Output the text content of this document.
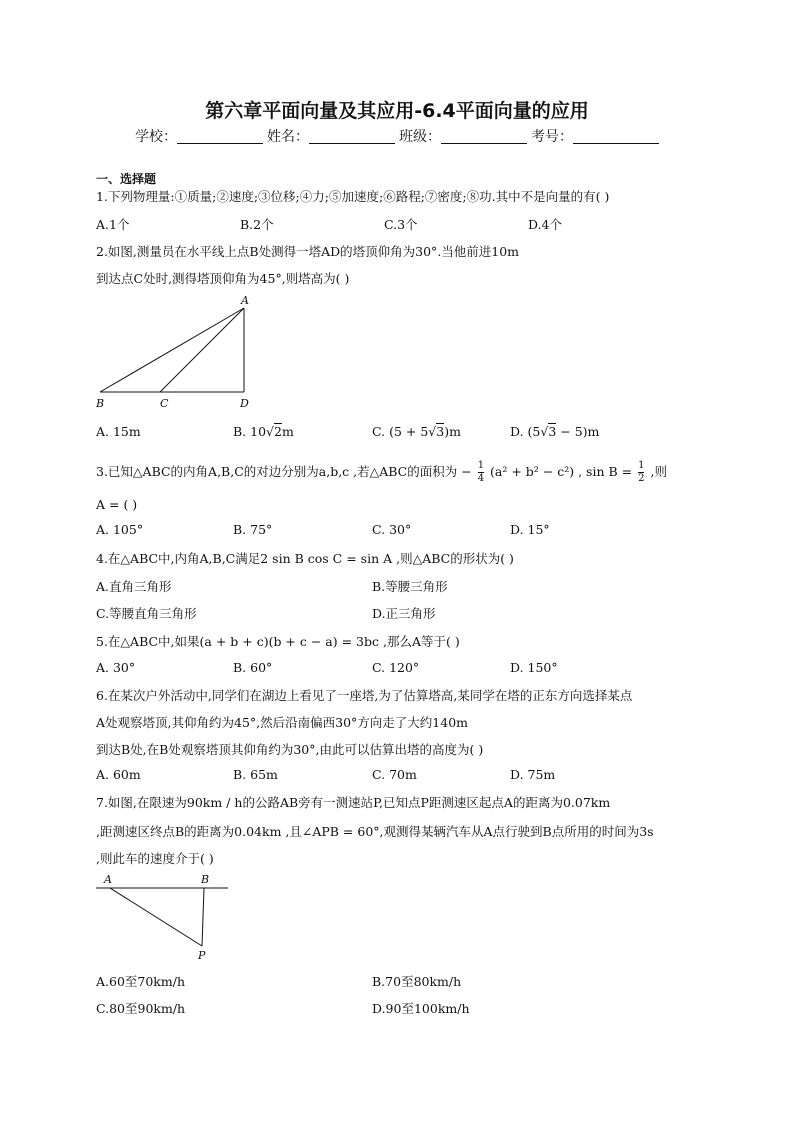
第六章平面向量及其应用-6.4平面向量的应用
学校：	姓名：	班级：	考号：
一、选择题
1.下列物理量:①质量;②速度;③位移;④力;⑤加速度;⑥路程;⑦密度;⑧功.其中不是向量的有( )
A.1个	B.2个	C.3个	D.4个
2.如图,测量员在水平线上点B处测得一塔AD的塔顶仰角为30°.当他前进10m
到达点C处时,测得塔顶仰角为45°,则塔高为( )
A
B	C	D
A. 15m	B. 10√2m	C. (5 + 5√3)m	D. (5√3 − 5)m
3.已知△ABC的内角A,B,C的对边分别为a,b,c ,若△ABC的面积为 − $\frac{1}{4} (a^2 + b^2 - c^2)$ , $\sin B = \frac{1}{2}$ ,则
A = ( )
A. 105°	B. 75°	C. 30°	D. 15°
4.在△ABC中,内角A,B,C满足2 sin B cos C = sin A ,则△ABC的形状为( )
A.直角三角形	B.等腰三角形
C.等腰直角三角形	D.正三角形
5.在△ABC中,如果(a + b + c)(b + c − a) = 3bc ,那么A等于( )
A. 30°	B. 60°	C. 120°	D. 150°
6.在某次户外活动中,同学们在湖边上看见了一座塔,为了估算塔高,某同学在塔的正东方向选择某点
A处观察塔顶,其仰角约为45°,然后沿南偏西30°方向走了大约140m
到达B处,在B处观察塔顶其仰角约为30°,由此可以估算出塔的高度为( )
A. 60m	B. 65m	C. 70m	D. 75m
7.如图,在限速为90km / h的公路AB旁有一测速站P,已知点P距测速区起点A的距离为0.07km
,距测速区终点B的距离为0.04km ,且∠APB = 60°,观测得某辆汽车从A点行驶到B点所用的时间为3s
,则此车的速度介于( )
A	B
P
A.60至70km/h	B.70至80km/h
C.80至90km/h	D.90至100km/h
